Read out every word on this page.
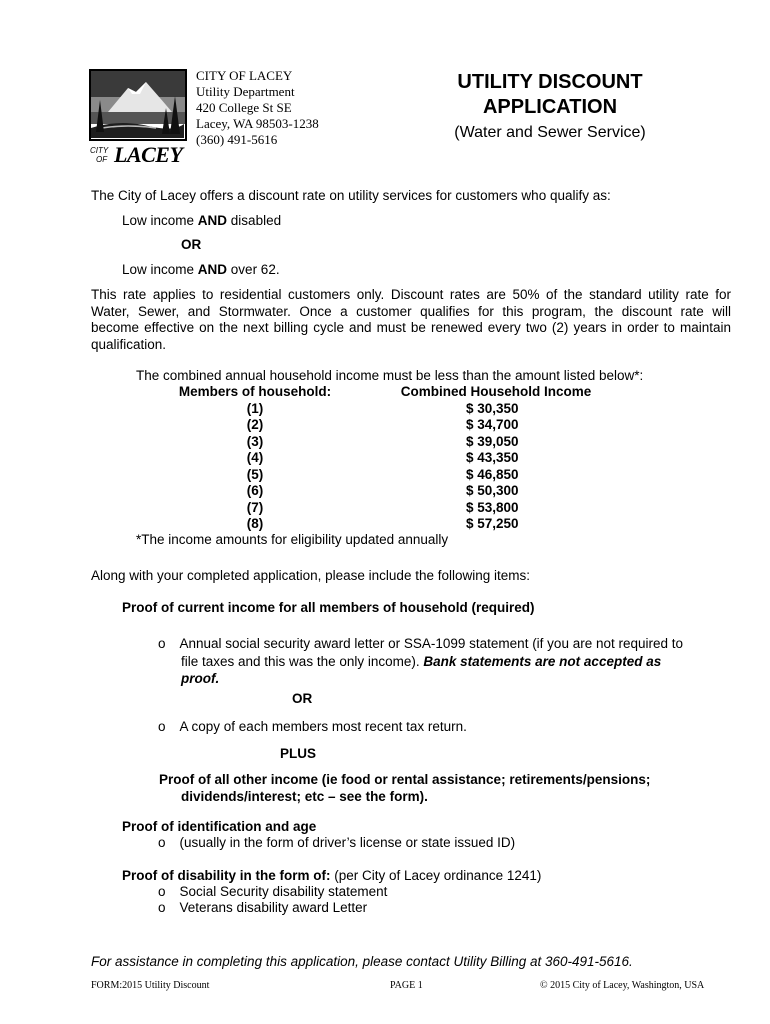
CITY
OF LACEY
CITY OF LACEY
Utility Department
420 College St SE
Lacey, WA 98503-1238
(360) 491-5616
UTILITY DISCOUNT
APPLICATION
(Water and Sewer Service)
The City of Lacey offers a discount rate on utility services for customers who qualify as:
Low income AND disabled
OR
Low income AND over 62.
This rate applies to residential customers only. Discount rates are 50% of the standard utility rate for
Water, Sewer, and Stormwater. Once a customer qualifies for this program, the discount rate will
become effective on the next billing cycle and must be renewed every two (2) years in order to maintain
qualification.
The combined annual household income must be less than the amount listed below*:
Members of household:	Combined Household Income
(1)	$ 30,350
(2)	$ 34,700
(3)	$ 39,050
(4)	$ 43,350
(5)	$ 46,850
(6)	$ 50,300
(7)	$ 53,800
(8)	$ 57,250
*The income amounts for eligibility updated annually
Along with your completed application, please include the following items:
Proof of current income for all members of household (required)
o Annual social security award letter or SSA-1099 statement (if you are not required to
file taxes and this was the only income). Bank statements are not accepted as
proof.
OR
o A copy of each members most recent tax return.
PLUS
Proof of all other income (ie food or rental assistance; retirements/pensions;
dividends/interest; etc – see the form).
Proof of identification and age
o (usually in the form of driver’s license or state issued ID)
Proof of disability in the form of: (per City of Lacey ordinance 1241)
o Social Security disability statement
o Veterans disability award Letter
For assistance in completing this application, please contact Utility Billing at 360-491-5616.
FORM:2015 Utility Discount	PAGE 1	© 2015 City of Lacey, Washington, USA
